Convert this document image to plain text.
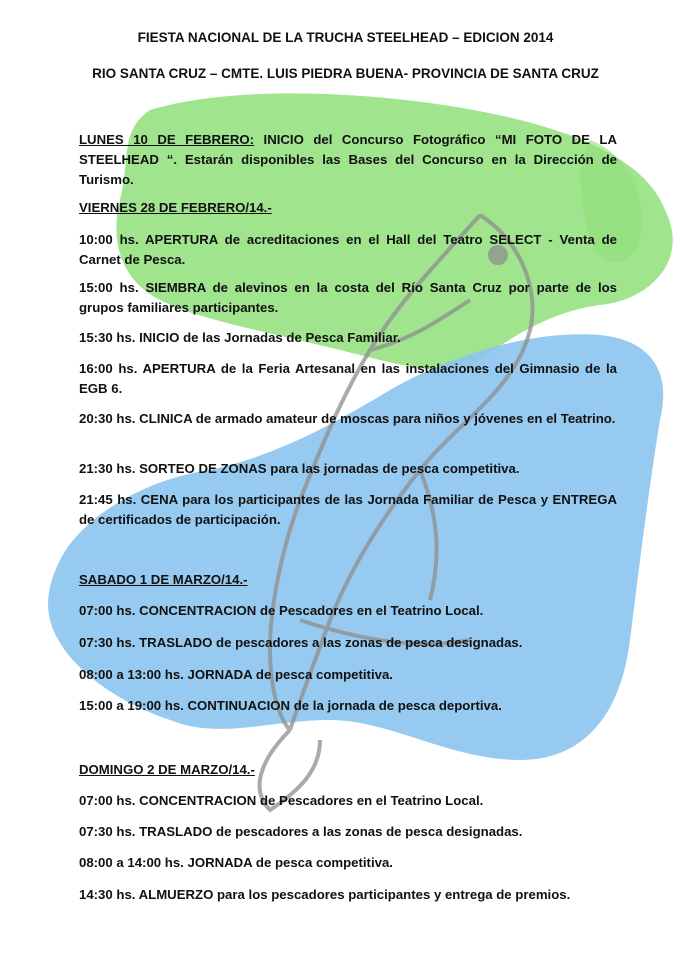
FIESTA NACIONAL DE LA TRUCHA STEELHEAD – EDICION 2014
RIO SANTA CRUZ – CMTE. LUIS PIEDRA BUENA- PROVINCIA DE SANTA CRUZ

LUNES 10 DE FEBRERO: INICIO del Concurso Fotográfico “MI FOTO DE LA STEELHEAD “. Estarán disponibles las Bases del Concurso en la Dirección de Turismo.

VIERNES 28 DE FEBRERO/14.-

10:00 hs. APERTURA de acreditaciones en el Hall del Teatro SELECT - Venta de Carnet de Pesca.

15:00 hs. SIEMBRA de alevinos en la costa del Río Santa Cruz por parte de los grupos familiares participantes.

15:30 hs. INICIO de las Jornadas de Pesca Familiar.

16:00 hs. APERTURA de la Feria Artesanal en las instalaciones del Gimnasio de la EGB 6.

20:30 hs. CLINICA de armado amateur de moscas para niños y jóvenes en el Teatrino.

21:30 hs. SORTEO DE ZONAS para las jornadas de pesca competitiva.

21:45 hs. CENA para los participantes de las Jornada Familiar de Pesca y ENTREGA de certificados de participación.

SABADO 1 DE MARZO/14.-

07:00 hs. CONCENTRACION de Pescadores en el Teatrino Local.

07:30 hs. TRASLADO de pescadores a las zonas de pesca designadas.

08:00 a 13:00 hs. JORNADA de pesca competitiva.

15:00 a 19:00 hs. CONTINUACION de la jornada de pesca deportiva.

DOMINGO 2 DE MARZO/14.-

07:00 hs. CONCENTRACION de Pescadores en el Teatrino Local.

07:30 hs. TRASLADO de pescadores a las zonas de pesca designadas.

08:00 a 14:00 hs. JORNADA de pesca competitiva.

14:30 hs. ALMUERZO para los pescadores participantes y entrega de premios.
